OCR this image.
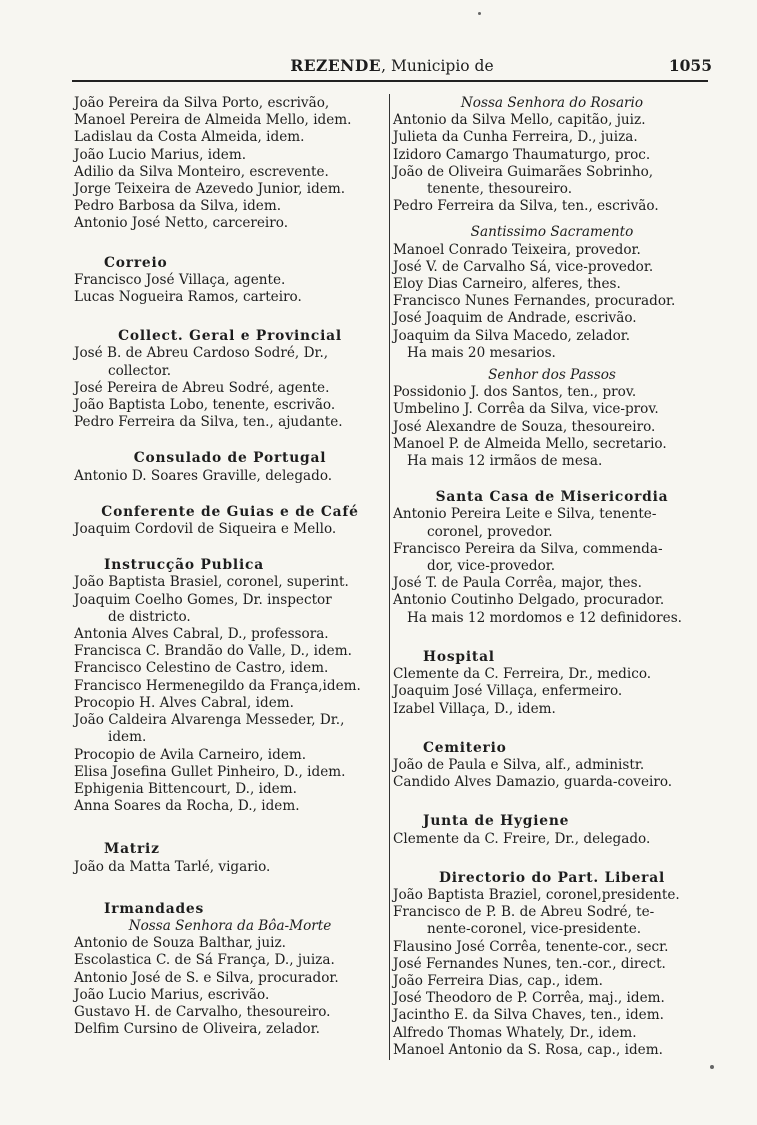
REZENDE, Municipio de	1055
João Pereira da Silva Porto, escrivão,
Manoel Pereira de Almeida Mello, idem.
Ladislau da Costa Almeida, idem.
João Lucio Marius, idem.
Adilio da Silva Monteiro, escrevente.
Jorge Teixeira de Azevedo Junior, idem.
Pedro Barbosa da Silva, idem.
Antonio José Netto, carcereiro.
Correio
Francisco José Villaça, agente.
Lucas Nogueira Ramos, carteiro.
Collect. Geral e Provincial
José B. de Abreu Cardoso Sodré, Dr.,
collector.
José Pereira de Abreu Sodré, agente.
João Baptista Lobo, tenente, escrivão.
Pedro Ferreira da Silva, ten., ajudante.
Consulado de Portugal
Antonio D. Soares Graville, delegado.
Conferente de Guias e de Café
Joaquim Cordovil de Siqueira e Mello.
Instrucção Publica
João Baptista Brasiel, coronel, superint.
Joaquim Coelho Gomes, Dr. inspector
de districto.
Antonia Alves Cabral, D., professora.
Francisca C. Brandão do Valle, D., idem.
Francisco Celestino de Castro, idem.
Francisco Hermenegildo da França,idem.
Procopio H. Alves Cabral, idem.
João Caldeira Alvarenga Messeder, Dr.,
idem.
Procopio de Avila Carneiro, idem.
Elisa Josefina Gullet Pinheiro, D., idem.
Ephigenia Bittencourt, D., idem.
Anna Soares da Rocha, D., idem.
Matriz
João da Matta Tarlé, vigario.
Irmandades
Nossa Senhora da Bôa-Morte
Antonio de Souza Balthar, juiz.
Escolastica C. de Sá França, D., juiza.
Antonio José de S. e Silva, procurador.
João Lucio Marius, escrivão.
Gustavo H. de Carvalho, thesoureiro.
Delfim Cursino de Oliveira, zelador.
Nossa Senhora do Rosario
Antonio da Silva Mello, capitão, juiz.
Julieta da Cunha Ferreira, D., juiza.
Izidoro Camargo Thaumaturgo, proc.
João de Oliveira Guimarães Sobrinho,
tenente, thesoureiro.
Pedro Ferreira da Silva, ten., escrivão.
Santissimo Sacramento
Manoel Conrado Teixeira, provedor.
José V. de Carvalho Sá, vice-provedor.
Eloy Dias Carneiro, alferes, thes.
Francisco Nunes Fernandes, procurador.
José Joaquim de Andrade, escrivão.
Joaquim da Silva Macedo, zelador.
Ha mais 20 mesarios.
Senhor dos Passos
Possidonio J. dos Santos, ten., prov.
Umbelino J. Corrêa da Silva, vice-prov.
José Alexandre de Souza, thesoureiro.
Manoel P. de Almeida Mello, secretario.
Ha mais 12 irmãos de mesa.
Santa Casa de Misericordia
Antonio Pereira Leite e Silva, tenente-
coronel, provedor.
Francisco Pereira da Silva, commenda-
dor, vice-provedor.
José T. de Paula Corrêa, major, thes.
Antonio Coutinho Delgado, procurador.
Ha mais 12 mordomos e 12 definidores.
Hospital
Clemente da C. Ferreira, Dr., medico.
Joaquim José Villaça, enfermeiro.
Izabel Villaça, D., idem.
Cemiterio
João de Paula e Silva, alf., administr.
Candido Alves Damazio, guarda-coveiro.
Junta de Hygiene
Clemente da C. Freire, Dr., delegado.
Directorio do Part. Liberal
João Baptista Braziel, coronel,presidente.
Francisco de P. B. de Abreu Sodré, te-
nente-coronel, vice-presidente.
Flausino José Corrêa, tenente-cor., secr.
José Fernandes Nunes, ten.-cor., direct.
João Ferreira Dias, cap., idem.
José Theodoro de P. Corrêa, maj., idem.
Jacintho E. da Silva Chaves, ten., idem.
Alfredo Thomas Whately, Dr., idem.
Manoel Antonio da S. Rosa, cap., idem.
